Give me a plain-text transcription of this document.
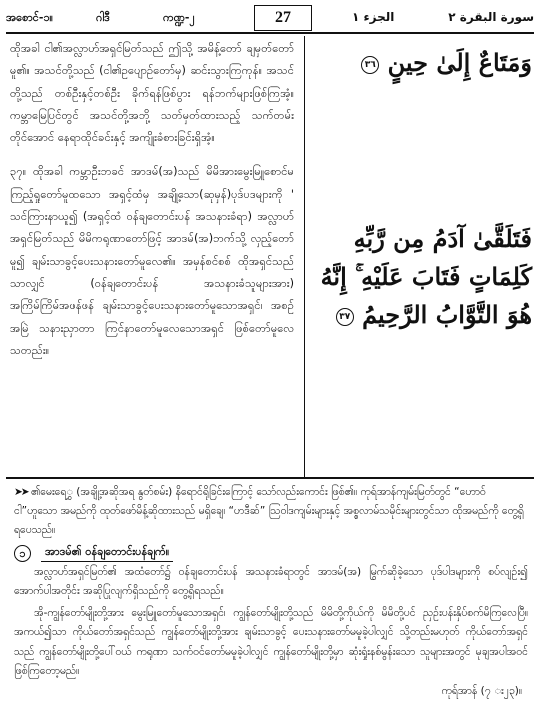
အစောင်-၁။	ဂါဒီ	ကဏ္ဍ-၂	27	الجزء ١	سورة البقرة ٢

ထိုအခါ ငါ၏အလ္လာဟ်အရှင်မြတ်သည် ဤသို့ အမိန့်တော် ချမှတ်တော်မူ၏။ အသင်တို့သည် (ငါ၏ဥပျောဉ်တော်မှ) ဆင်းသွားကြကုန်။ အသင်တို့သည် တစ်ဦးနှင့်တစ်ဦး ခိုက်ရန်ဖြစ်ပွား ရန်ဘက်များဖြစ်ကြအံ့။ ကမ္ဘာမြေပြင်တွင် အသင်တို့အဘို့ သတ်မှတ်ထားသည့် သက်တမ်းတိုင်အောင် နေရာထိုင်ခင်းနှင့် အကျိုးခံစားခြင်းရှိအံ့။

၃၇။ ထိုအခါ ကမ္ဘာဦးဘခင် အာဒမ်(အ)သည် မိမိအားမွေးမြူစောင်မကြည့်ရှုတော်မူထသော အရှင့်ထံမှ အချို့သော(ဆုမှန်)ပုဒ်ပဒများကို ' သင်ကြားနာယူ၍ (အရှင့်ထံ ဝန်ချတောင်းပန် အသနားခံရာ) အလ္လာဟ် အရှင်မြတ်သည် မိမိကရုဏာတော်ဖြင့် အာဒမ်(အ)ဘက်သို့ လှည့်တော်မူ၍ ချမ်းသာခွင့်ပေးသနားတော်မူလေ၏။ အမှန်စင်စစ် ထိုအရှင်သည်သာလျှင် (ဝန်ချတောင်းပန် အသနားခံသူများအား) အကြိမ်ကြိမ်အဖန်ဖန် ချမ်းသာခွင့်ပေးသနားတော်မူသောအရှင်၊ အစဉ်အမြဲ သနားညှာတာ ကြင်နာတော်မူလေသောအရှင် ဖြစ်တော်မူလေသတည်း။

وَمَتَاعٌ إِلَىٰ حِينٍ ٣٦

فَتَلَقَّىٰ آدَمُ مِن رَّبِّهِ كَلِمَاتٍ فَتَابَ عَلَيْهِ ۚ إِنَّهُ هُوَ التَّوَّابُ الرَّحِيمُ ٣٧

➤➤ ၏မေးရေွှ (အချို့အဆိုအရ နွတ်စမ်း) နိရောင်ရိုခြင်းကြောင့် သော်လည်းကောင်း ဖြစ်၏။ ကုရ်အာန်ကျမ်းမြတ်တွင် “ဟောဝ်ငါ”ဟူသော အမည်ကို ထုတ်ဖော်မိန့်ဆိုထားသည် မရှိချေ၊ “ဟဒီဆ်” ဩဝါဒကျမ်းများနှင့် အစ္စလာမ်သမိုင်းများတွင်သာ ထိုအမည်ကို တွေ့ရှိရပေသည်။

၁	အာဒမ်၏ ဝန်ချတောင်းပန်ချက်။

အလ္လာဟ်အရှင်မြတ်၏ အထံတော်၌ ဝန်ချတောင်းပန် အသနားခံရာတွင် အာဒမ်(အ) မြွက်ဆိုခဲ့သော ပုဒ်ပါဒများကို စပ်လျဉ်း၍ အောက်ပါအတိုင်း အဆိုပြုလျက်ရှိသည်ကို တွေ့ရှိရသည်။

အို-ကျွန်တော်မျိုးတို့အား မွေးမြူတော်မူသောအရှင်၊ ကျွန်တော်မျိုးတို့သည် မိမိတို့ကိုယ်ကို မိမိတို့ပင် ညှဉ်းပန်းနှိပ်စက်မိကြလေပြီ။ အကယ်၍သာ ကိုယ်တော်အရှင်သည် ကျွန်တော်မျိုးတို့အား ချမ်းသာခွင့် ပေးသနားတော်မမူခဲ့ပါလျှင် သို့တည်းမဟုတ် ကိုယ်တော်အရှင်သည် ကျွန်တော်မျိုးတို့ပေါ်ဝယ် ကရုဏာ သက်ဝင်တော်မမူခဲ့ပါလျှင် ကျွန်တော်မျိုးတို့မှာ ဆုံးရှုံးနစ်မွန်းသော သူများအတွင် မုချအပါအဝင် ဖြစ်ကြတော့မည်။

ကုရ်အာန် (၇ း၂၃)။
